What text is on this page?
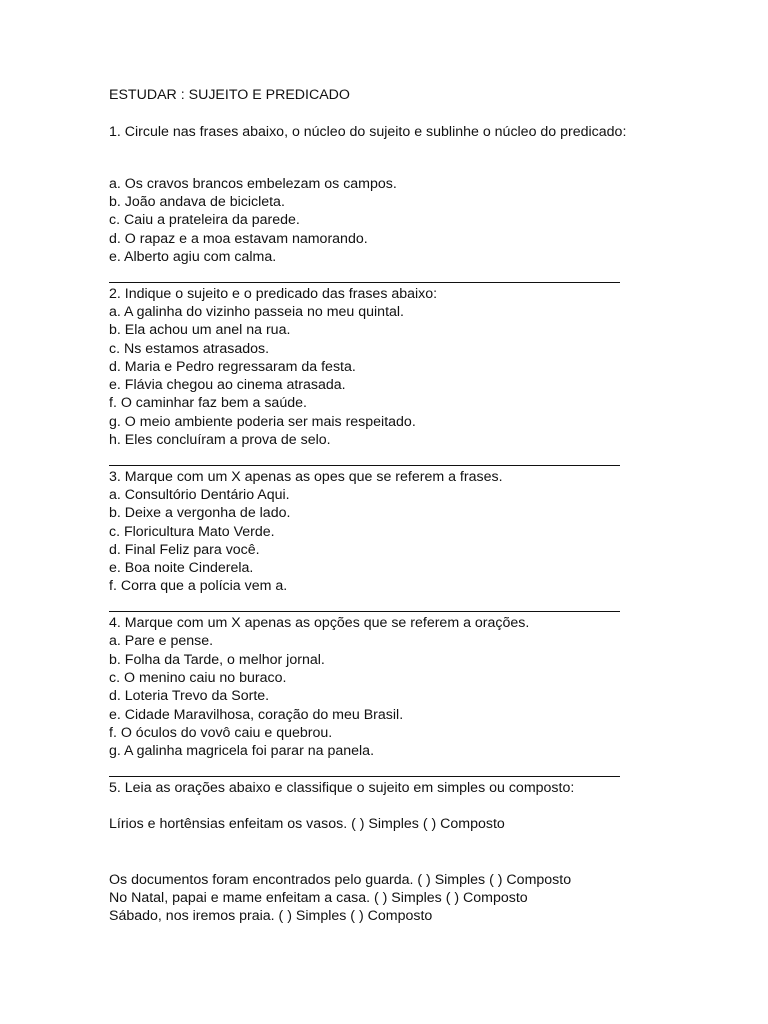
ESTUDAR : SUJEITO E PREDICADO
1. Circule nas frases abaixo, o núcleo do sujeito e sublinhe o núcleo do predicado:
a. Os cravos brancos embelezam os campos.
b. João andava de bicicleta.
c. Caiu a prateleira da parede.
d. O rapaz e a moa estavam namorando.
e. Alberto agiu com calma.
2. Indique o sujeito e o predicado das frases abaixo:
a. A galinha do vizinho passeia no meu quintal.
b. Ela achou um anel na rua.
c. Ns estamos atrasados.
d. Maria e Pedro regressaram da festa.
e. Flávia chegou ao cinema atrasada.
f. O caminhar faz bem a saúde.
g. O meio ambiente poderia ser mais respeitado.
h. Eles concluíram a prova de selo.
3. Marque com um X apenas as opes que se referem a frases.
a. Consultório Dentário Aqui.
b. Deixe a vergonha de lado.
c. Floricultura Mato Verde.
d. Final Feliz para você.
e. Boa noite Cinderela.
f. Corra que a polícia vem a.
4. Marque com um X apenas as opções que se referem a orações.
a. Pare e pense.
b. Folha da Tarde, o melhor jornal.
c. O menino caiu no buraco.
d. Loteria Trevo da Sorte.
e. Cidade Maravilhosa, coração do meu Brasil.
f. O óculos do vovô caiu e quebrou.
g. A galinha magricela foi parar na panela.
5. Leia as orações abaixo e classifique o sujeito em simples ou composto:
Lírios e hortênsias enfeitam os vasos. ( ) Simples ( ) Composto
Os documentos foram encontrados pelo guarda. ( ) Simples ( ) Composto
No Natal, papai e mame enfeitam a casa. ( ) Simples ( ) Composto
Sábado, nos iremos praia. ( ) Simples ( ) Composto
